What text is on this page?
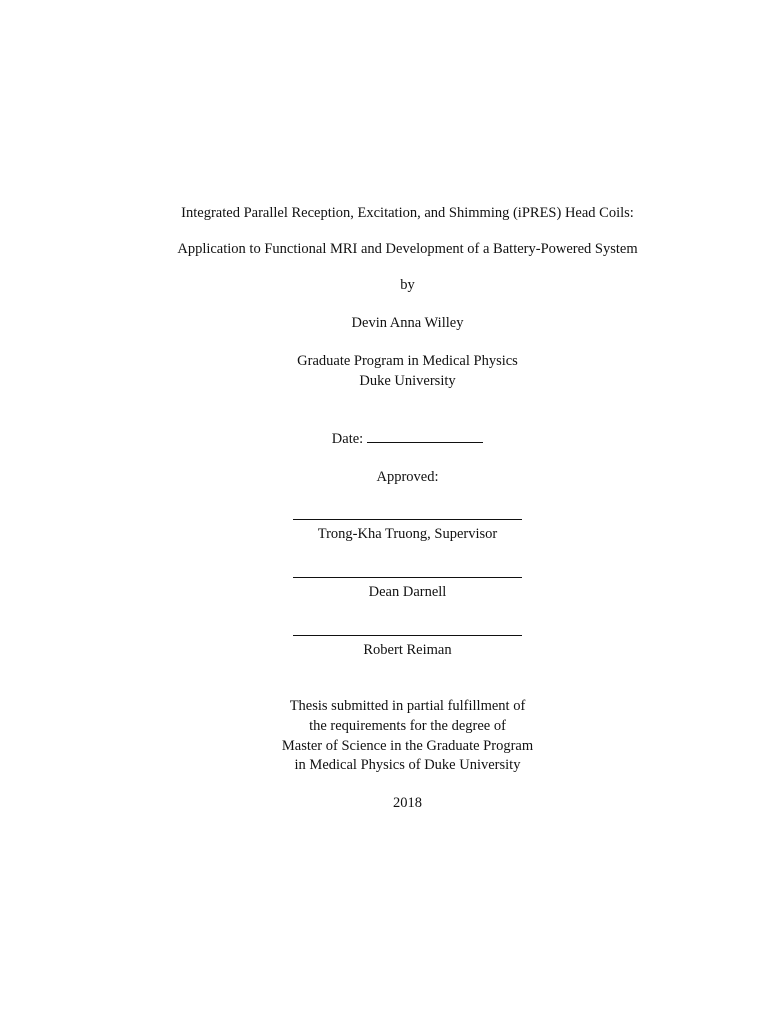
Integrated Parallel Reception, Excitation, and Shimming (iPRES) Head Coils:
Application to Functional MRI and Development of a Battery-Powered System
by
Devin Anna Willey
Graduate Program in Medical Physics
Duke University
Date:
Approved:
Trong-Kha Truong, Supervisor
Dean Darnell
Robert Reiman
Thesis submitted in partial fulfillment of
the requirements for the degree of
Master of Science in the Graduate Program
in Medical Physics of Duke University
2018
